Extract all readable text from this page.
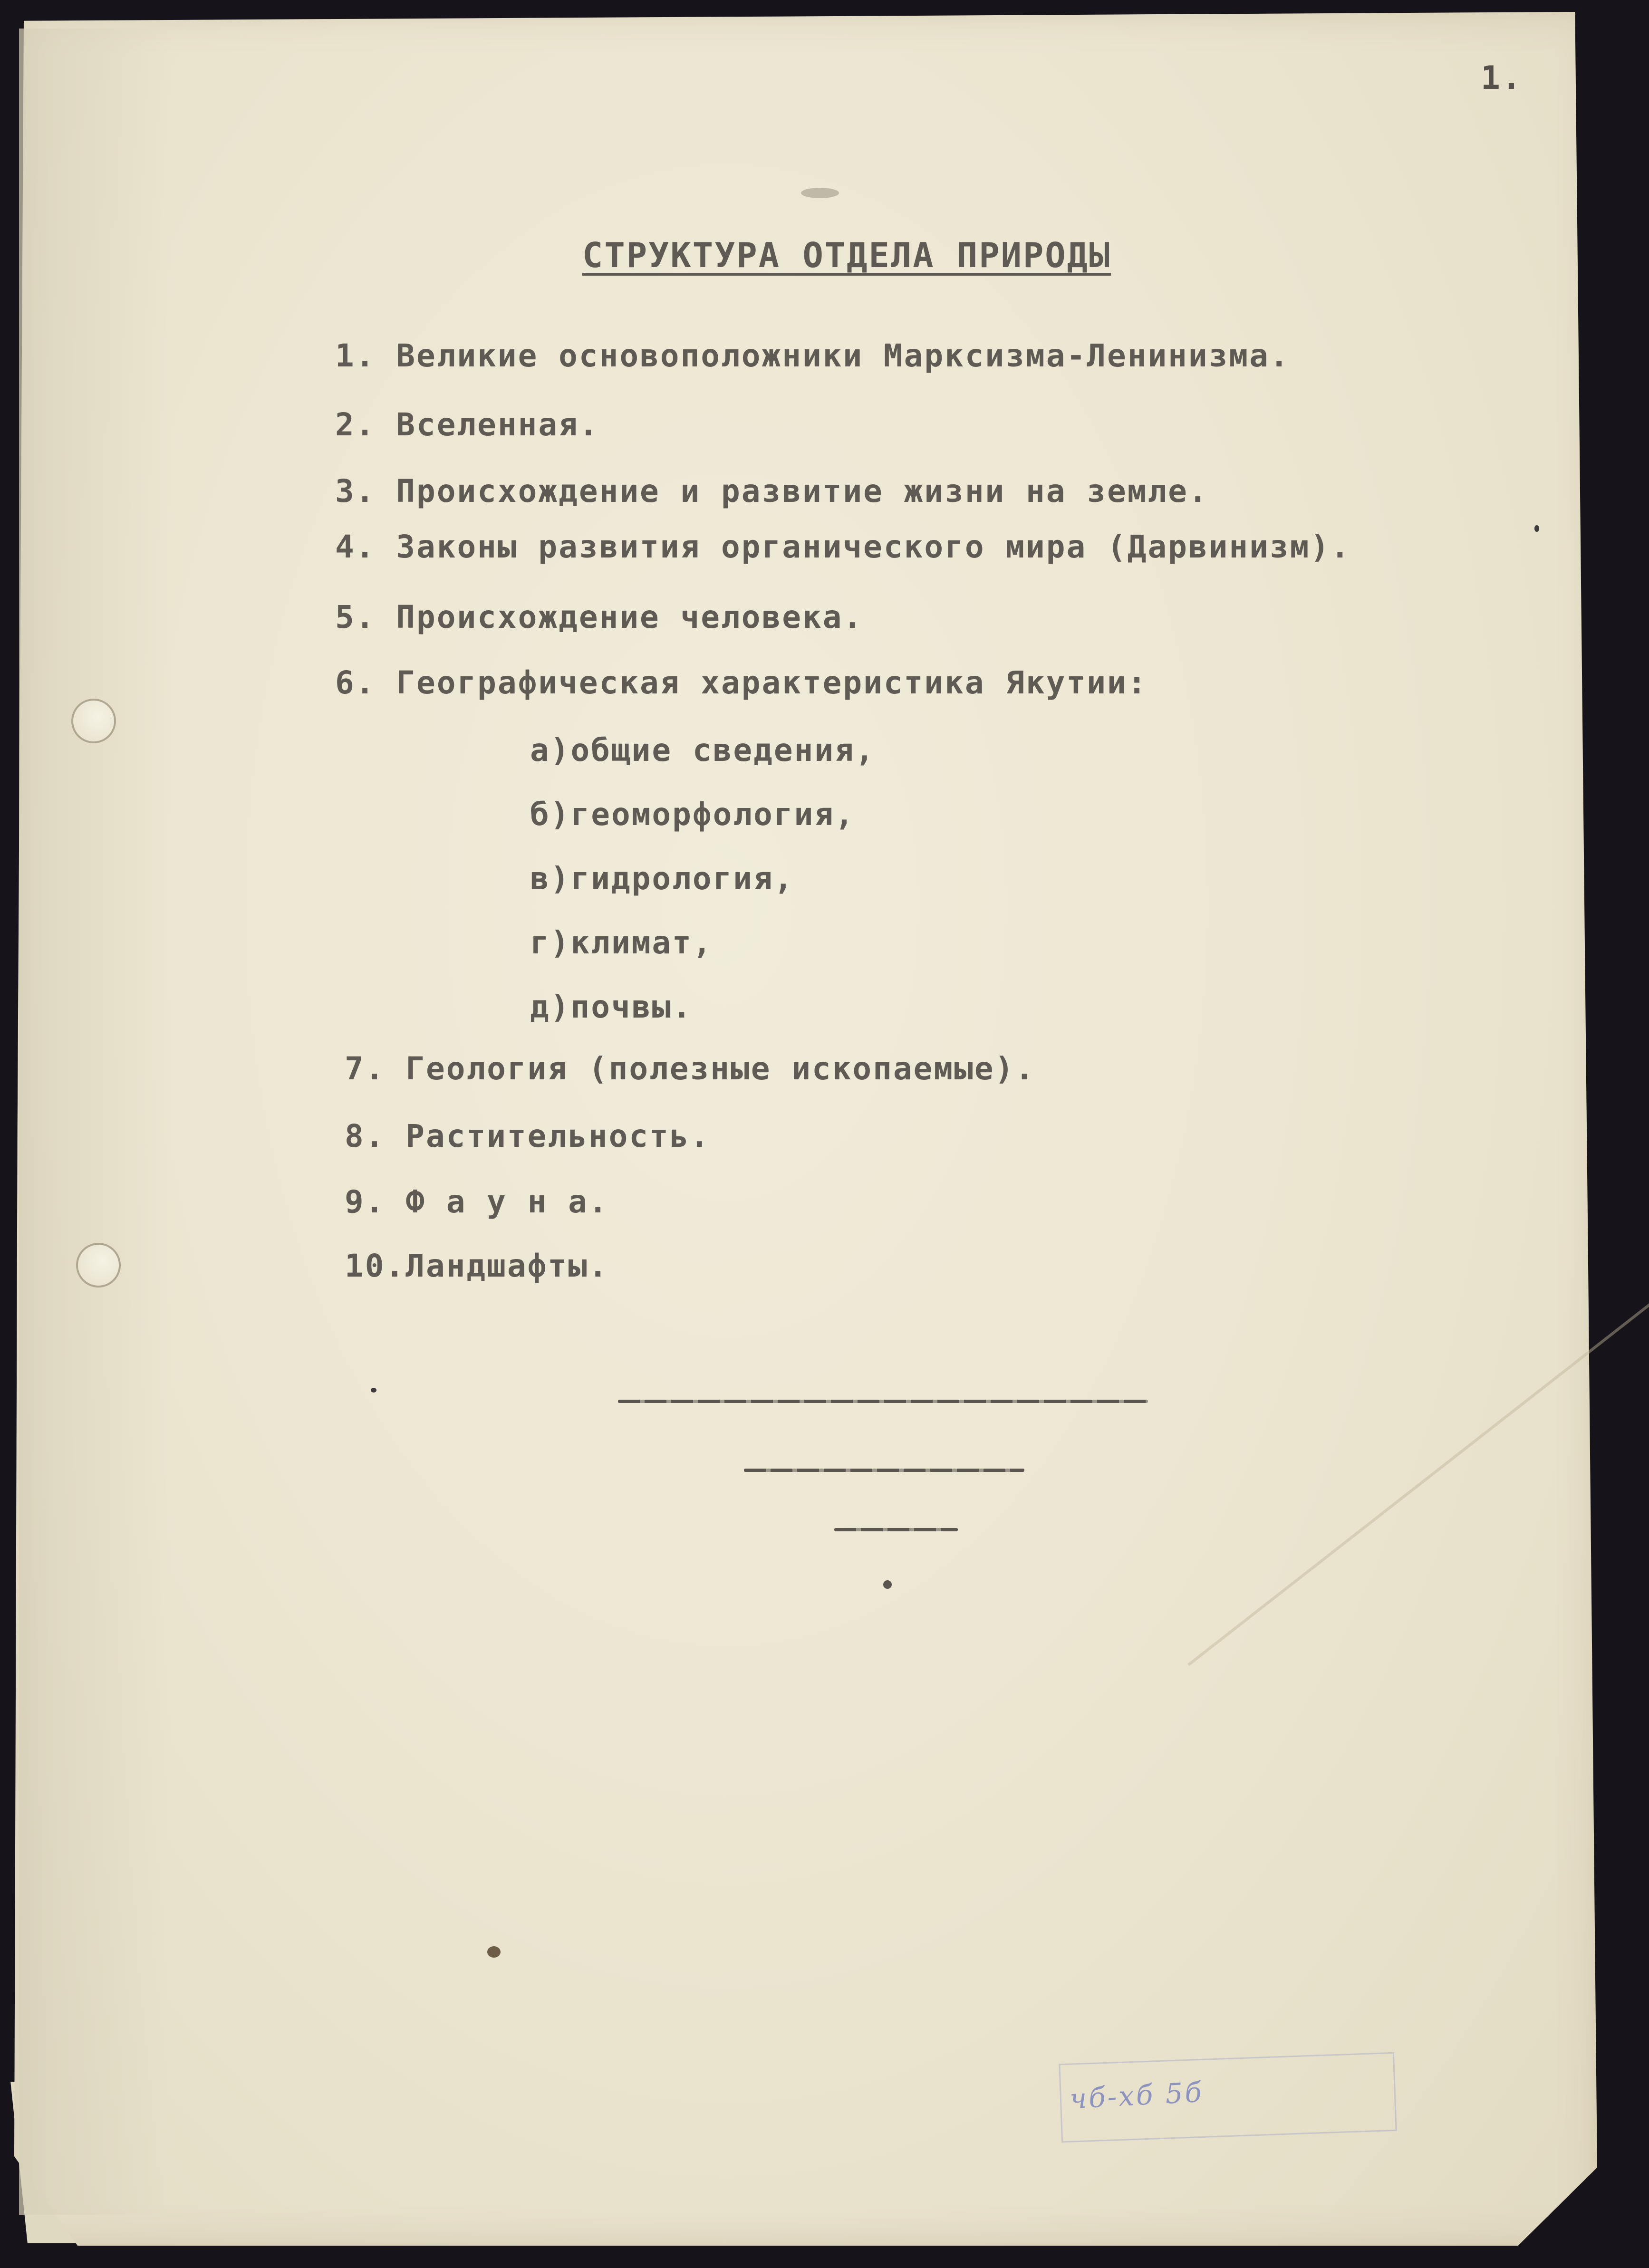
1.
СТРУКТУРА ОТДЕЛА ПРИРОДЫ
1. Великие основоположники Марксизма-Ленинизма.
2. Вселенная.
3. Происхождение и развитие жизни на земле.
4. Законы развития органического мира (Дарвинизм).
5. Происхождение человека.
6. Географическая характеристика Якутии:
а)общие сведения,
б)геоморфология,
в)гидрология,
г)климат,
д)почвы.
7. Геология (полезные ископаемые).
8. Растительность.
9. Ф а у н а.
10.Ландшафты.
чб-хб 5б
